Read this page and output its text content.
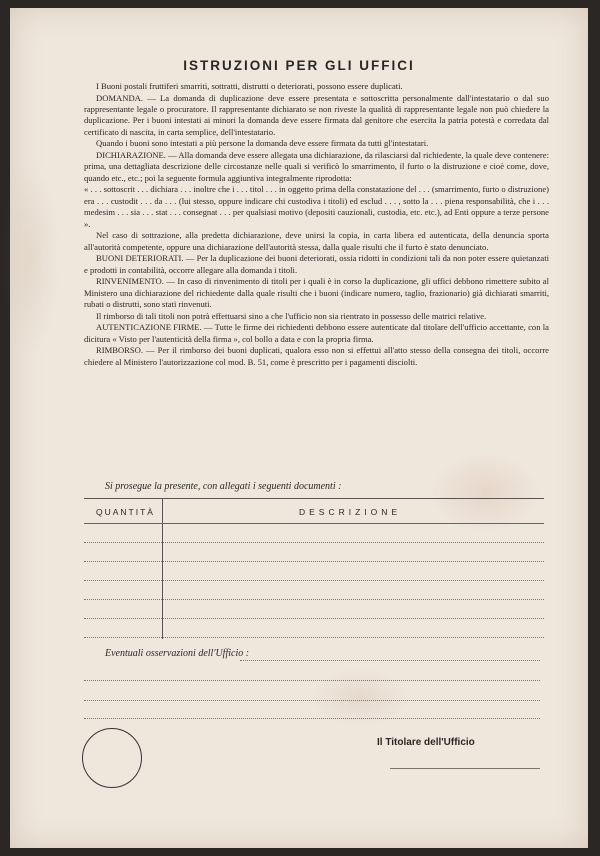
ISTRUZIONI PER GLI UFFICI

I Buoni postali fruttiferi smarriti, sottratti, distrutti o deteriorati, possono essere duplicati.

DOMANDA. — La domanda di duplicazione deve essere presentata e sottoscritta personalmente dall'intestatario o dal suo rappresentante legale o procuratore. Il rappresentante dichiarato se non riveste la qualità di rappresentante legale non può chiedere la duplicazione. Per i buoni intestati ai minori la domanda deve essere firmata dal genitore che esercita la patria potestà e corredata dal certificato di nascita, in carta semplice, dell'intestatario.

Quando i buoni sono intestati a più persone la domanda deve essere firmata da tutti gl'intestatari.

DICHIARAZIONE. — Alla domanda deve essere allegata una dichiarazione, da rilasciarsi dal richiedente, la quale deve contenere: prima, una dettagliata descrizione delle circostanze nelle quali si verificò lo smarrimento, il furto o la distruzione e cioè come, dove, quando etc., etc.; poi la seguente formula aggiuntiva integralmente riprodotta:

« . . . sottoscrit . . . dichiara . . . inoltre che i . . . titol . . . in oggetto prima della constatazione del . . . (smarrimento, furto o distruzione) era . . . custodit . . . da . . . (lui stesso, oppure indicare chi custodiva i titoli) ed esclud . . . , sotto la . . . piena responsabilità, che i . . . medesim . . . sia . . . stat . . . consegnat . . . per qualsiasi motivo (depositi cauzionali, custodia, etc. etc.), ad Enti oppure a terze persone ».

Nel caso di sottrazione, alla predetta dichiarazione, deve unirsi la copia, in carta libera ed autenticata, della denuncia sporta all'autorità competente, oppure una dichiarazione dell'autorità stessa, dalla quale risulti che il furto è stato denunciato.

BUONI DETERIORATI. — Per la duplicazione dei buoni deteriorati, ossia ridotti in condizioni tali da non poter essere quietanzati e prodotti in contabilità, occorre allegare alla domanda i titoli.

RINVENIMENTO. — In caso di rinvenimento di titoli per i quali è in corso la duplicazione, gli uffici debbono rimettere subito al Ministero una dichiarazione del richiedente dalla quale risulti che i buoni (indicare numero, taglio, frazionario) già dichiarati smarriti, rubati o distrutti, sono stati rinvenuti.

Il rimborso di tali titoli non potrà effettuarsi sino a che l'ufficio non sia rientrato in possesso delle matrici relative.

AUTENTICAZIONE FIRME. — Tutte le firme dei richiedenti debbono essere autenticate dal titolare dell'ufficio accettante, con la dicitura « Visto per l'autenticità della firma », col bollo a data e con la propria firma.

RIMBORSO. — Per il rimborso dei buoni duplicati, qualora esso non si effettui all'atto stesso della consegna dei titoli, occorre chiedere al Ministero l'autorizzazione col mod. B. 51, come è prescritto per i pagamenti disciolti.

Si prosegue la presente, con allegati i seguenti documenti :
QUANTITÀ	DESCRIZIONE
Eventuali osservazioni dell'Ufficio :
Il Titolare dell'Ufficio
